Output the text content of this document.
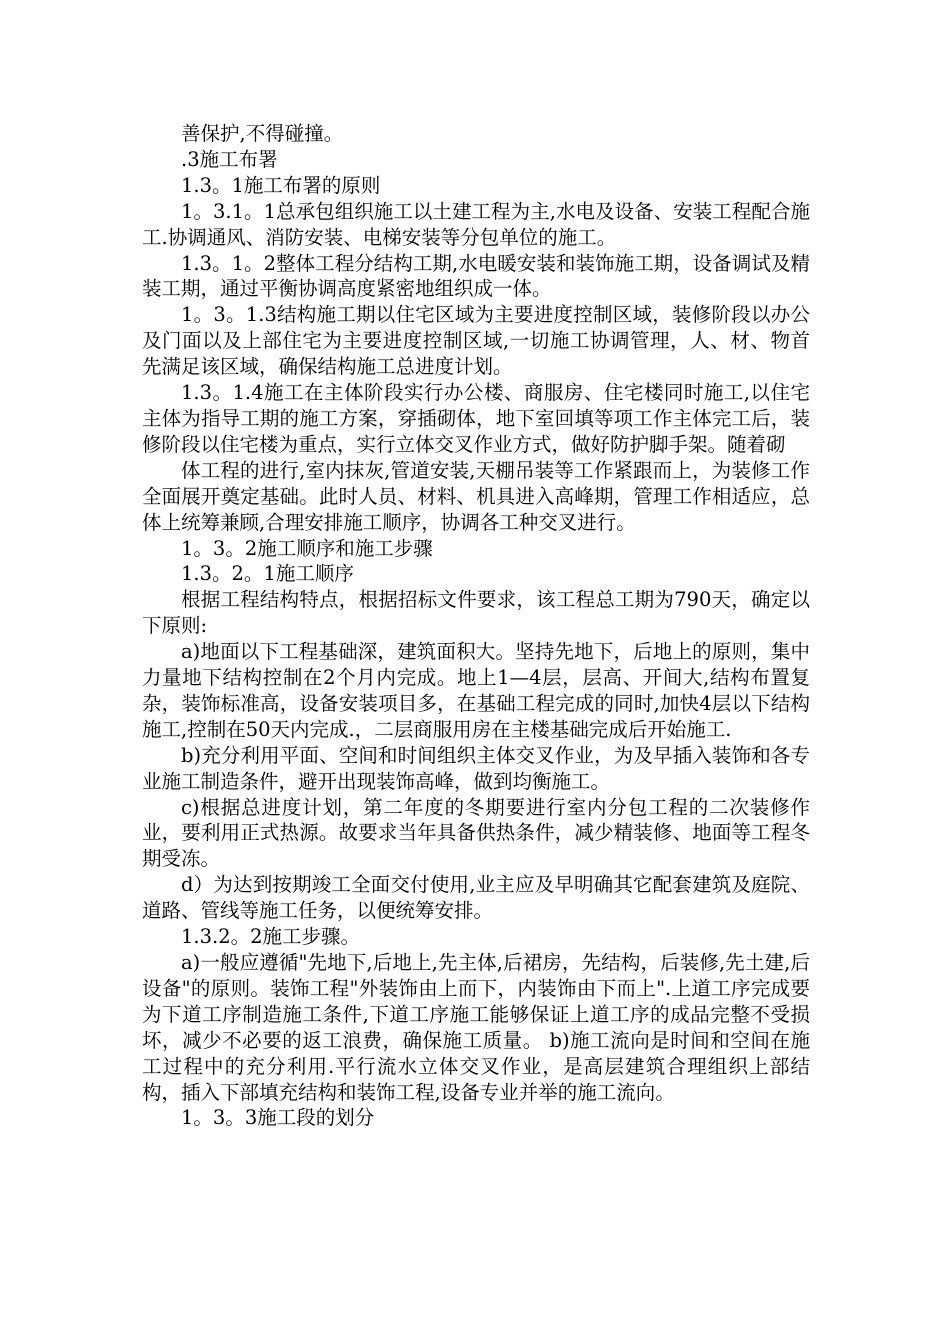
善保护,不得碰撞。

.3施工布署

1.3。1施工布署的原则

1。3.1。1总承包组织施工以土建工程为主,水电及设备、安装工程配合施工.协调通风、消防安装、电梯安装等分包单位的施工。

1.3。1。2整体工程分结构工期,水电暖安装和装饰施工期，设备调试及精装工期，通过平衡协调高度紧密地组织成一体。

1。3。1.3结构施工期以住宅区域为主要进度控制区域，装修阶段以办公及门面以及上部住宅为主要进度控制区域,一切施工协调管理，人、材、物首先满足该区域，确保结构施工总进度计划。

1.3。1.4施工在主体阶段实行办公楼、商服房、住宅楼同时施工,以住宅主体为指导工期的施工方案，穿插砌体，地下室回填等项工作主体完工后，装修阶段以住宅楼为重点，实行立体交叉作业方式，做好防护脚手架。随着砌

体工程的进行,室内抹灰,管道安装,天棚吊装等工作紧跟而上，为装修工作全面展开奠定基础。此时人员、材料、机具进入高峰期，管理工作相适应，总体上统筹兼顾,合理安排施工顺序，协调各工种交叉进行。

1。3。2施工顺序和施工步骤

1.3。2。1施工顺序

根据工程结构特点，根据招标文件要求，该工程总工期为790天，确定以下原则:

a)地面以下工程基础深，建筑面积大。坚持先地下，后地上的原则，集中力量地下结构控制在2个月内完成。地上1—4层，层高、开间大,结构布置复杂，装饰标准高，设备安装项目多，在基础工程完成的同时,加快4层以下结构施工,控制在50天内完成.，二层商服用房在主楼基础完成后开始施工.

b)充分利用平面、空间和时间组织主体交叉作业，为及早插入装饰和各专业施工制造条件，避开出现装饰高峰，做到均衡施工。

c)根据总进度计划，第二年度的冬期要进行室内分包工程的二次装修作业，要利用正式热源。故要求当年具备供热条件，减少精装修、地面等工程冬期受冻。

d）为达到按期竣工全面交付使用,业主应及早明确其它配套建筑及庭院、道路、管线等施工任务，以便统筹安排。

1.3.2。2施工步骤。

a)一般应遵循"先地下,后地上,先主体,后裙房，先结构，后装修,先土建,后设备"的原则。装饰工程"外装饰由上而下，内装饰由下而上".上道工序完成要为下道工序制造施工条件,下道工序施工能够保证上道工序的成品完整不受损坏，减少不必要的返工浪费，确保施工质量。 b)施工流向是时间和空间在施工过程中的充分利用.平行流水立体交叉作业，是高层建筑合理组织上部结构，插入下部填充结构和装饰工程,设备专业并举的施工流向。

1。3。3施工段的划分
